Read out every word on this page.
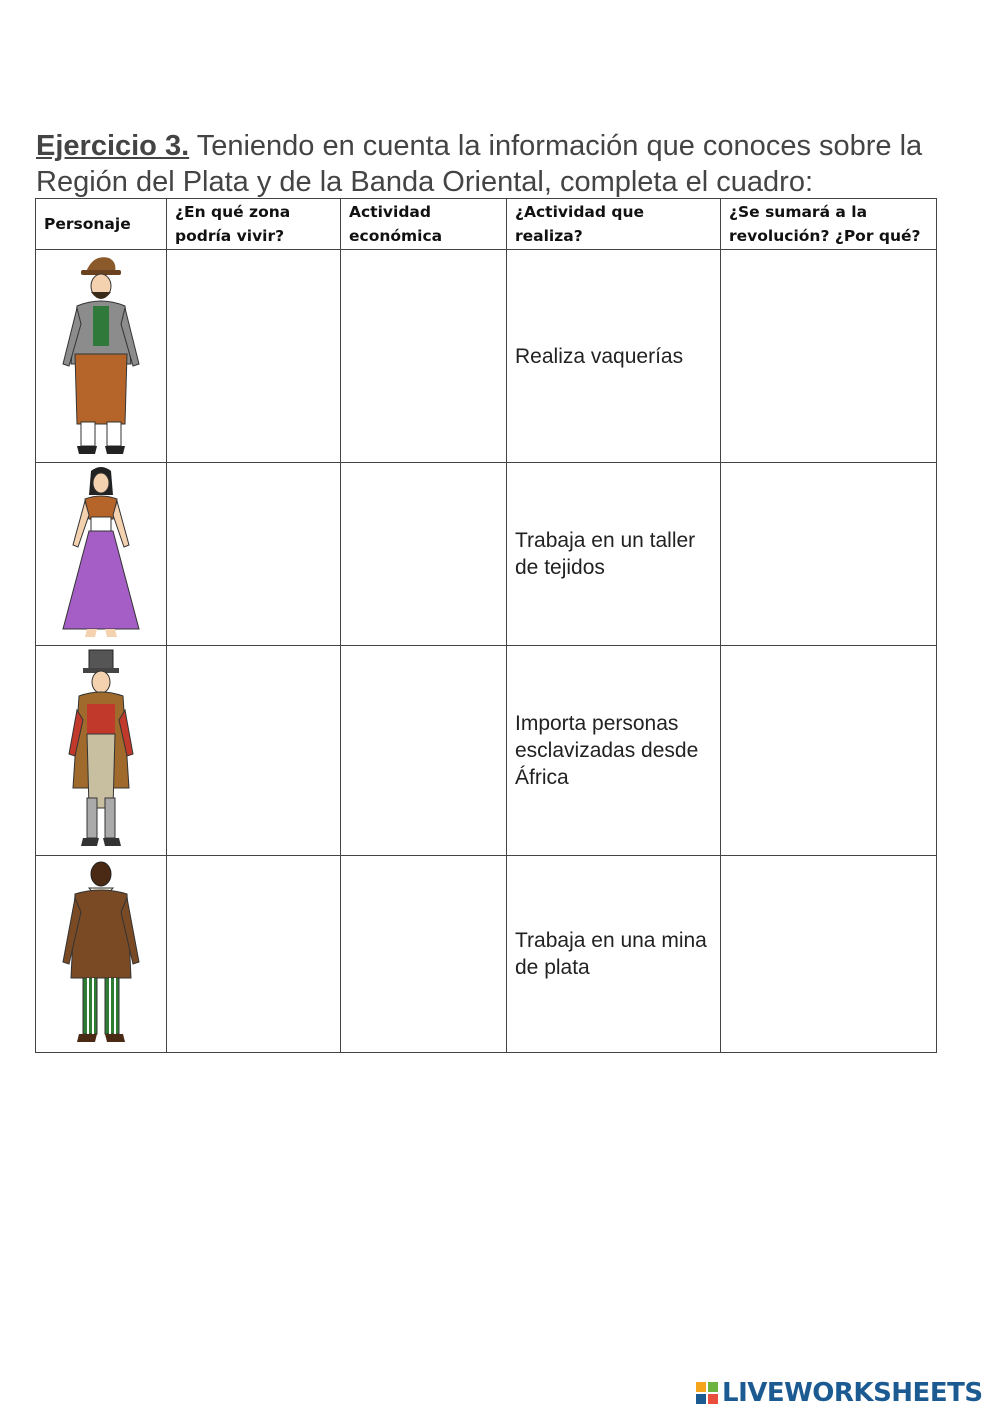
Ejercicio 3. Teniendo en cuenta la información que conoces sobre la Región del Plata y de la Banda Oriental, completa el cuadro:
Personaje	¿En qué zona podría vivir?	Actividad económica	¿Actividad que realiza?	¿Se sumará a la revolución? ¿Por qué?

			Realiza vaquerías	

			Trabaja en un taller de tejidos	

			Importa personas esclavizadas desde África	

			Trabaja en una mina de plata	
LIVEWORKSHEETS
